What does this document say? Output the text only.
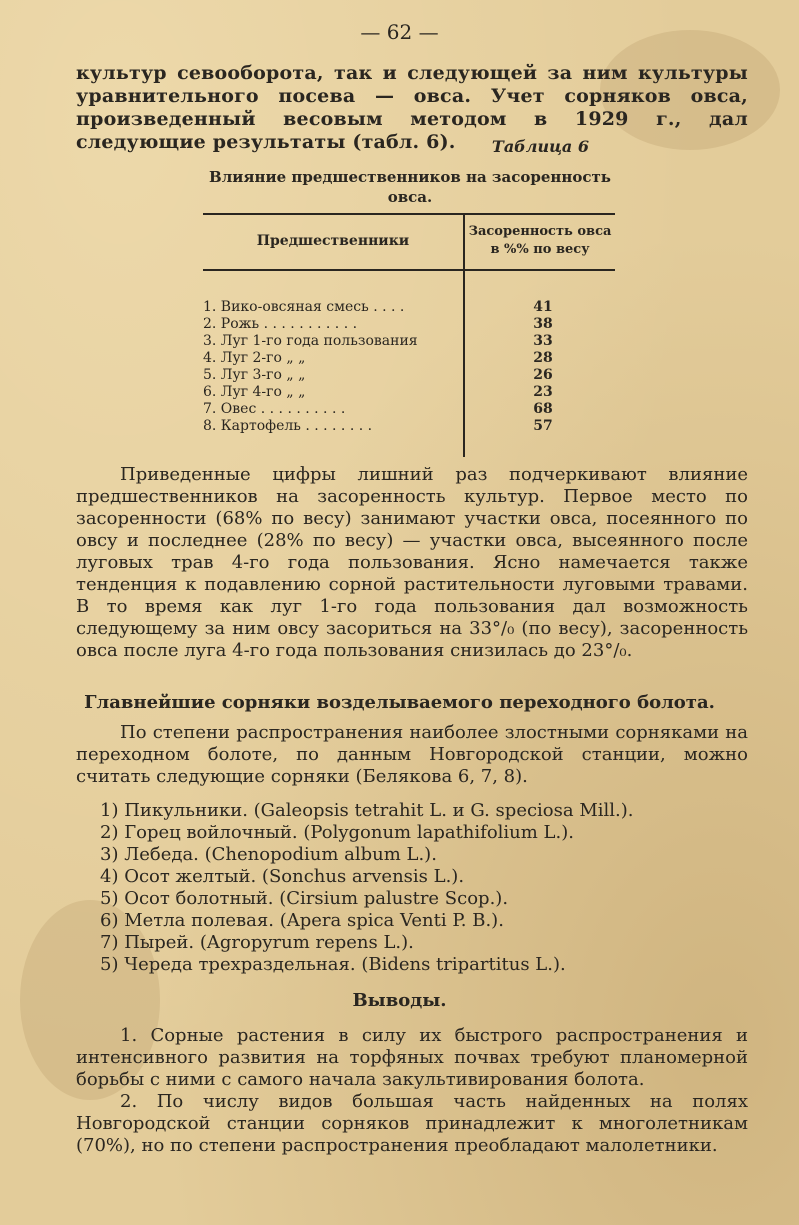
— 62 —
культур севооборота, так и следующей за ним культуры уравнительного посева — овса. Учет сорняков овса, произведенный весовым методом в 1929 г., дал следующие результаты (табл. 6).	Таблица 6
Влияние предшественников на засоренность овса.
Предшественники
Засоренность овса в %% по весу
1. Вико-овсяная смесь . . . .	41
2. Рожь . . . . . . . . . . .	38
3. Луг 1-го года пользования	33
4. Луг 2-го „ „	28
5. Луг 3-го „ „	26
6. Луг 4-го „ „	23
7. Овес . . . . . . . . . .	68
8. Картофель . . . . . . . .	57
Приведенные цифры лишний раз подчеркивают влияние предшественников на засоренность культур. Первое место по засоренности (68% по весу) занимают участки овса, посеянного по овсу и последнее (28% по весу) — участки овса, высеянного после луговых трав 4-го года пользования. Ясно намечается также тенденция к подавлению сорной растительности луговыми травами. В то время как луг 1-го года пользования дал возможность следующему за ним овсу засориться на 33°/₀ (по весу), засоренность овса после луга 4-го года пользования снизилась до 23°/₀.
Главнейшие сорняки возделываемого переходного болота.
По степени распространения наиболее злостными сорняками на переходном болоте, по данным Новгородской станции, можно считать следующие сорняки (Белякова 6, 7, 8).
1) Пикульники. (Galeopsis tetrahit L. и G. speciosa Mill.).
2) Горец войлочный. (Polygonum lapathifolium L.).
3) Лебеда. (Chenopodium album L.).
4) Осот желтый. (Sonchus arvensis L.).
5) Осот болотный. (Cirsium palustre Scop.).
6) Метла полевая. (Apera spica Venti P. B.).
7) Пырей. (Agropyrum repens L.).
5) Череда трехраздельная. (Bidens tripartitus L.).
Выводы.
1. Сорные растения в силу их быстрого распространения и интенсивного развития на торфяных почвах требуют планомерной борьбы с ними с самого начала закультивирования болота.
2. По числу видов большая часть найденных на полях Новгородской станции сорняков принадлежит к многолетникам (70%), но по степени распространения преобладают малолетники.
